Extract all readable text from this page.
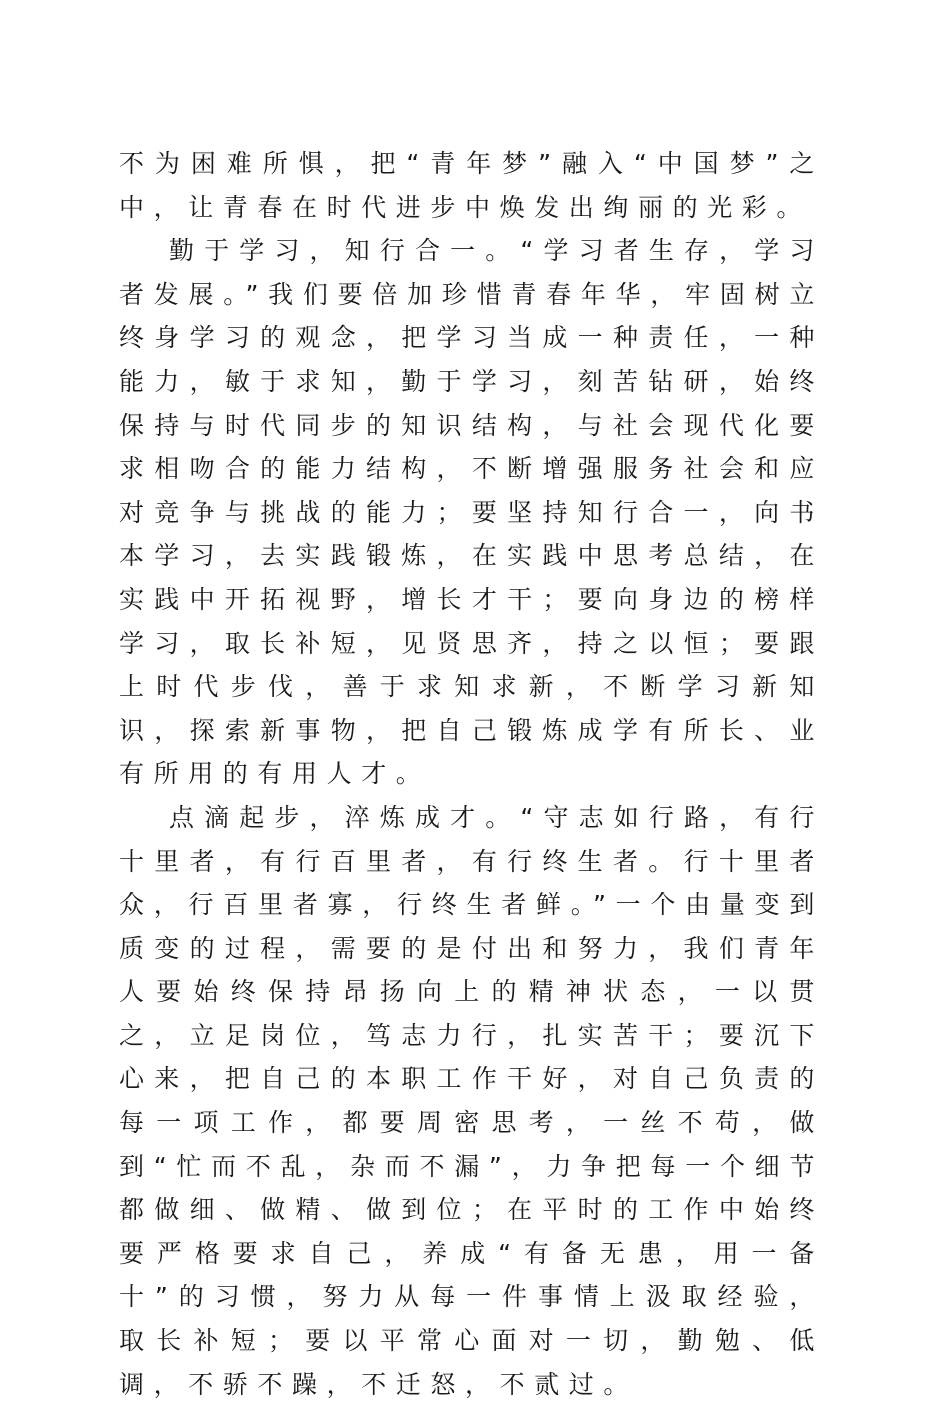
不为困难所惧，把“青年梦”融入“中国梦”之中，让青春在时代进步中焕发出绚丽的光彩。

勤于学习，知行合一。“学习者生存，学习者发展。”我们要倍加珍惜青春年华，牢固树立终身学习的观念，把学习当成一种责任，一种能力，敏于求知，勤于学习，刻苦钻研，始终保持与时代同步的知识结构，与社会现代化要求相吻合的能力结构，不断增强服务社会和应对竞争与挑战的能力；要坚持知行合一，向书本学习，去实践锻炼，在实践中思考总结，在实践中开拓视野，增长才干；要向身边的榜样学习，取长补短，见贤思齐，持之以恒；要跟上时代步伐，善于求知求新，不断学习新知识，探索新事物，把自己锻炼成学有所长、业有所用的有用人才。

点滴起步，淬炼成才。“守志如行路，有行十里者，有行百里者，有行终生者。行十里者众，行百里者寡，行终生者鲜。”一个由量变到质变的过程，需要的是付出和努力，我们青年人要始终保持昂扬向上的精神状态，一以贯之，立足岗位，笃志力行，扎实苦干；要沉下心来，把自己的本职工作干好，对自己负责的每一项工作，都要周密思考，一丝不苟，做到“忙而不乱，杂而不漏”，力争把每一个细节都做细、做精、做到位；在平时的工作中始终要严格要求自己，养成“有备无患，用一备十”的习惯，努力从每一件事情上汲取经验，取长补短；要以平常心面对一切，勤勉、低调，不骄不躁，不迁怒，不贰过。
